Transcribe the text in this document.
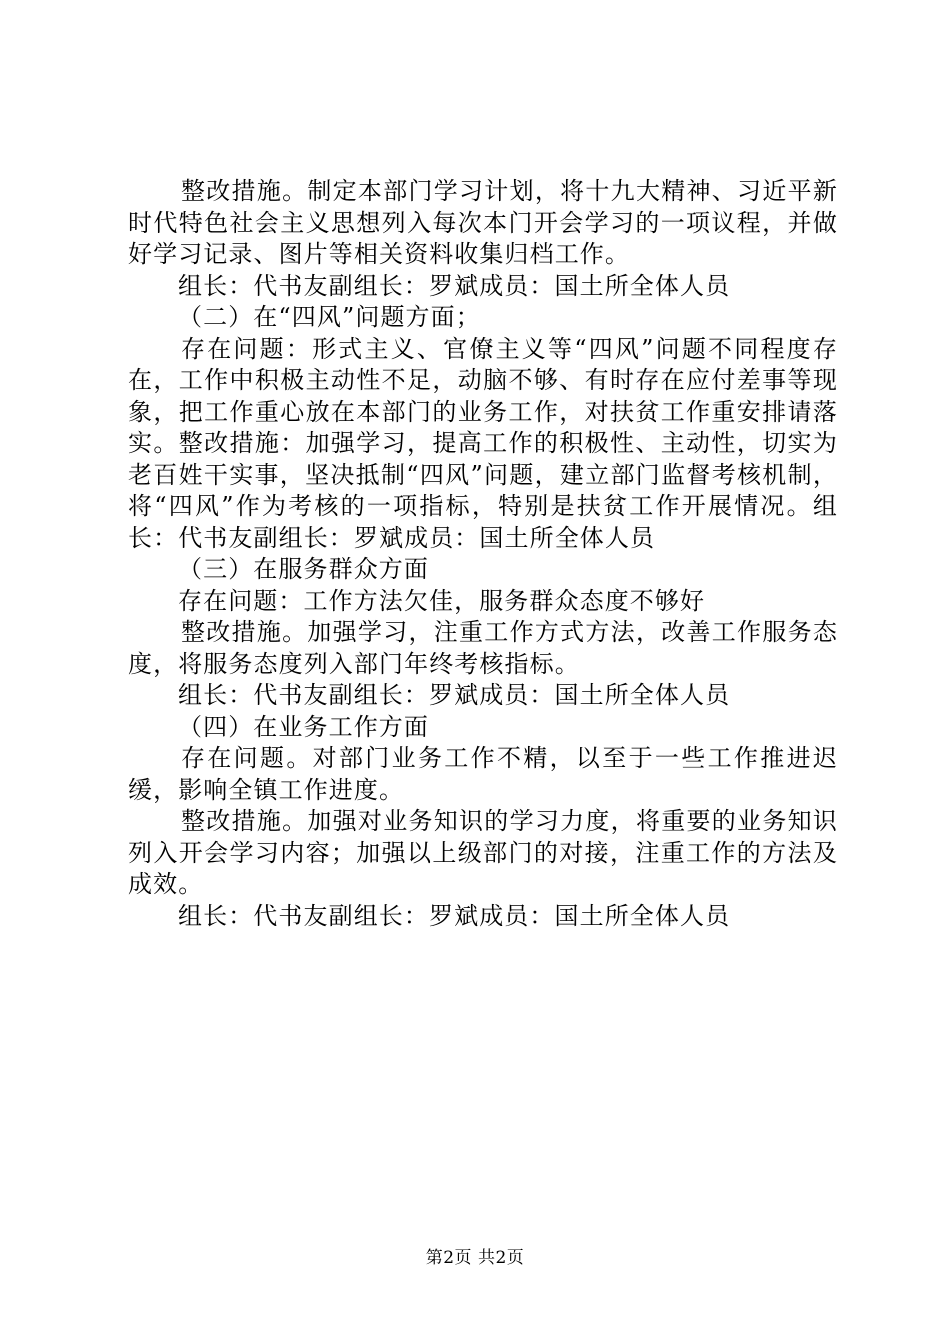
整改措施。制定本部门学习计划，将十九大精神、习近平新时代特色社会主义思想列入每次本门开会学习的一项议程，并做好学习记录、图片等相关资料收集归档工作。

组长：代书友副组长：罗斌成员：国土所全体人员

（二）在“四风”问题方面；

存在问题：形式主义、官僚主义等“四风”问题不同程度存在，工作中积极主动性不足，动脑不够、有时存在应付差事等现象，把工作重心放在本部门的业务工作，对扶贫工作重安排请落实。整改措施：加强学习，提高工作的积极性、主动性，切实为老百姓干实事，坚决抵制“四风”问题，建立部门监督考核机制，将“四风”作为考核的一项指标，特别是扶贫工作开展情况。组长：代书友副组长：罗斌成员：国土所全体人员

（三）在服务群众方面

存在问题：工作方法欠佳，服务群众态度不够好

整改措施。加强学习，注重工作方式方法，改善工作服务态度，将服务态度列入部门年终考核指标。

组长：代书友副组长：罗斌成员：国土所全体人员

（四）在业务工作方面

存在问题。对部门业务工作不精，以至于一些工作推进迟缓，影响全镇工作进度。

整改措施。加强对业务知识的学习力度，将重要的业务知识列入开会学习内容；加强以上级部门的对接，注重工作的方法及成效。

组长：代书友副组长：罗斌成员：国土所全体人员

第2页 共2页
